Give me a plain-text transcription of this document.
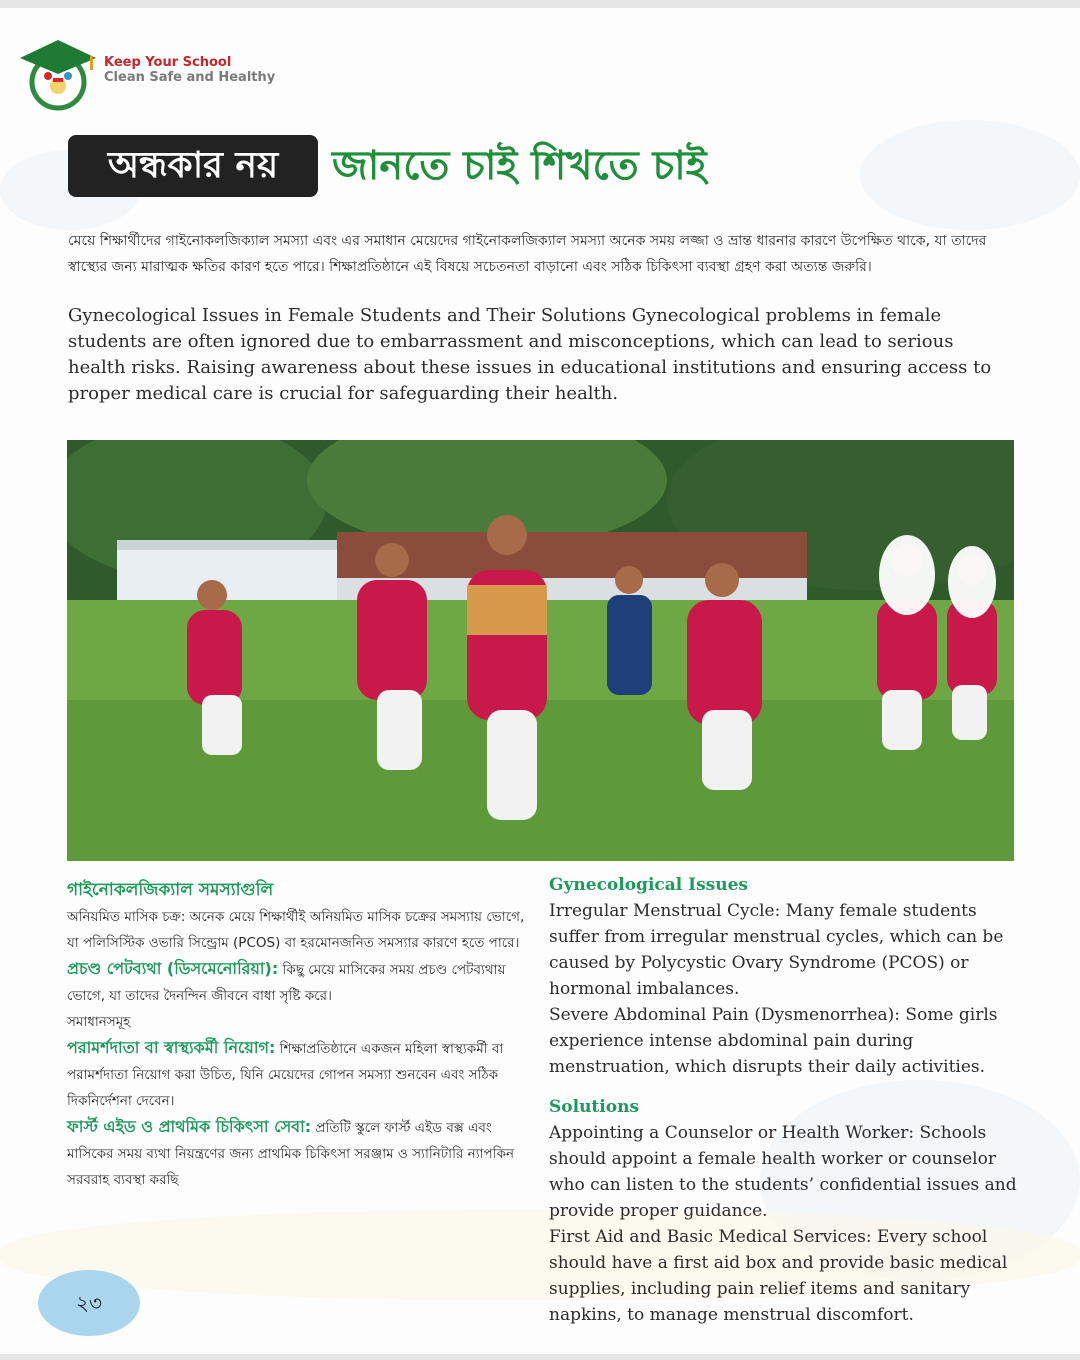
Keep Your School
Clean Safe and Healthy
অন্ধকার নয়	জানতে চাই শিখতে চাই
মেয়ে শিক্ষার্থীদের গাইনোকলজিক্যাল সমস্যা এবং এর সমাধান মেয়েদের গাইনোকলজিক্যাল সমস্যা অনেক সময় লজ্জা ও ভ্রান্ত ধারনার কারণে উপেক্ষিত থাকে, যা তাদের স্বাস্থ্যের জন্য মারাত্মক ক্ষতির কারণ হতে পারে। শিক্ষাপ্রতিষ্ঠানে এই বিষয়ে সচেতনতা বাড়ানো এবং সঠিক চিকিৎসা ব্যবস্থা গ্রহণ করা অত্যন্ত জরুরি।
Gynecological Issues in Female Students and Their Solutions Gynecological problems in female students are often ignored due to embarrassment and misconceptions, which can lead to serious health risks. Raising awareness about these issues in educational institutions and ensuring access to proper medical care is crucial for safeguarding their health.
গাইনোকলজিক্যাল সমস্যাগুলি

অনিয়মিত মাসিক চক্র: অনেক মেয়ে শিক্ষার্থীই অনিয়মিত মাসিক চক্রের সমস্যায় ভোগে, যা পলিসিস্টিক ওভারি সিন্ড্রোম (PCOS) বা হরমোনজনিত সমস্যার কারণে হতে পারে।

প্রচণ্ড পেটব্যথা (ডিসমেনোরিয়া): কিছু মেয়ে মাসিকের সময় প্রচণ্ড পেটব্যথায় ভোগে, যা তাদের দৈনন্দিন জীবনে বাধা সৃষ্টি করে।

সমাধানসমূহ

পরামর্শদাতা বা স্বাস্থ্যকর্মী নিয়োগ: শিক্ষাপ্রতিষ্ঠানে একজন মহিলা স্বাস্থ্যকর্মী বা পরামর্শদাতা নিয়োগ করা উচিত, যিনি মেয়েদের গোপন সমস্যা শুনবেন এবং সঠিক দিকনির্দেশনা দেবেন।

ফার্স্ট এইড ও প্রাথমিক চিকিৎসা সেবা: প্রতিটি স্কুলে ফার্স্ট এইড বক্স এবং মাসিকের সময় ব্যথা নিয়ন্ত্রণের জন্য প্রাথমিক চিকিৎসা সরঞ্জাম ও স্যানিটারি ন্যাপকিন সরবরাহ ব্যবস্থা করছি

Gynecological Issues

Irregular Menstrual Cycle: Many female students suffer from irregular menstrual cycles, which can be caused by Polycystic Ovary Syndrome (PCOS) or hormonal imbalances.

Severe Abdominal Pain (Dysmenorrhea): Some girls experience intense abdominal pain during menstruation, which disrupts their daily activities.

Solutions

Appointing a Counselor or Health Worker: Schools should appoint a female health worker or counselor who can listen to the students’ confidential issues and provide proper guidance.

First Aid and Basic Medical Services: Every school should have a first aid box and provide basic medical supplies, including pain relief items and sanitary napkins, to manage menstrual discomfort.

২৩
